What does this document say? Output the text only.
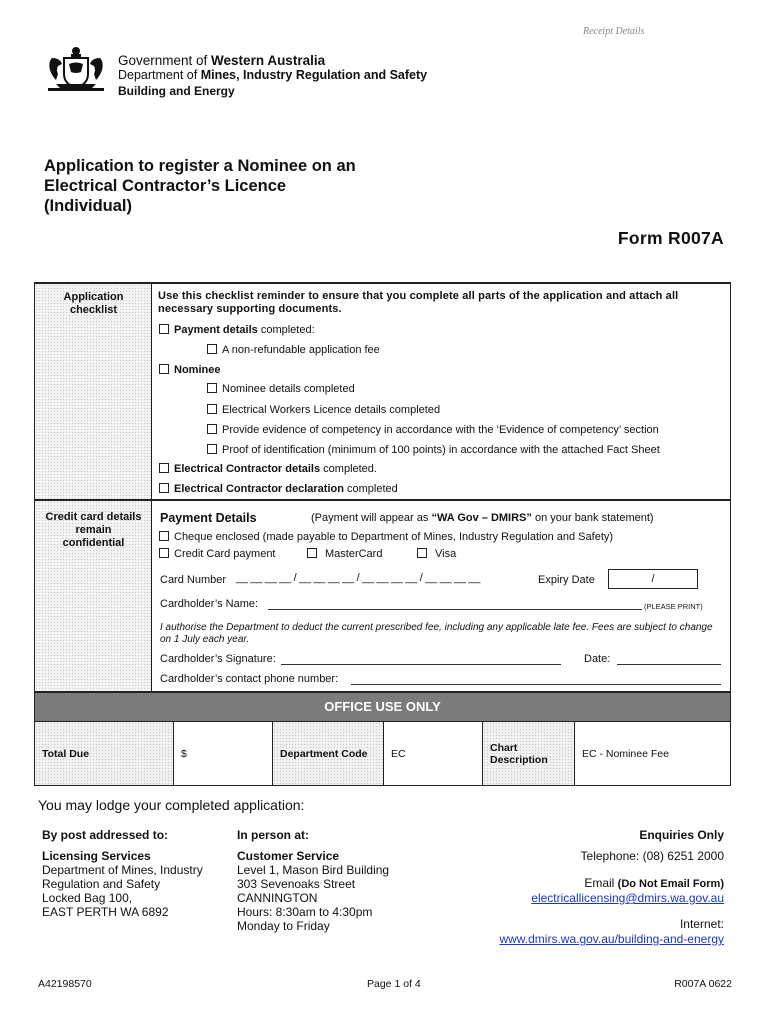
Receipt Details
Government of Western Australia
Department of Mines, Industry Regulation and Safety
Building and Energy
Application to register a Nominee on an
Electrical Contractor’s Licence
(Individual)
Form R007A
Application
checklist
Use this checklist reminder to ensure that you complete all parts of the application and attach all necessary supporting documents.
Payment details completed:
A non-refundable application fee
Nominee
Nominee details completed
Electrical Workers Licence details completed
Provide evidence of competency in accordance with the ‘Evidence of competency’ section
Proof of identification (minimum of 100 points) in accordance with the attached Fact Sheet
Electrical Contractor details completed.
Electrical Contractor declaration completed
Credit card details
remain
confidential
Payment Details	(Payment will appear as “WA Gov – DMIRS” on your bank statement)
Cheque enclosed (made payable to Department of Mines, Industry Regulation and Safety)
Credit Card payment	MasterCard	Visa
Card Number __ __ __ __ / __ __ __ __ / __ __ __ __ / __ __ __ __	Expiry Date	/
Cardholder’s Name:	(PLEASE PRINT)
I authorise the Department to deduct the current prescribed fee, including any applicable late fee. Fees are subject to change on 1 July each year.
Cardholder’s Signature:	Date:
Cardholder’s contact phone number:
OFFICE USE ONLY
Total Due	$	Department Code	EC	Chart
Description	EC - Nominee Fee
You may lodge your completed application:
By post addressed to:
Licensing Services
Department of Mines, Industry
Regulation and Safety
Locked Bag 100,
EAST PERTH WA 6892
In person at:
Customer Service
Level 1, Mason Bird Building
303 Sevenoaks Street
CANNINGTON
Hours: 8:30am to 4:30pm
Monday to Friday
Enquiries Only
Telephone: (08) 6251 2000
Email (Do Not Email Form)
electricallicensing@dmirs.wa.gov.au
Internet:
www.dmirs.wa.gov.au/building-and-energy
A42198570	Page 1 of 4	R007A 0622
